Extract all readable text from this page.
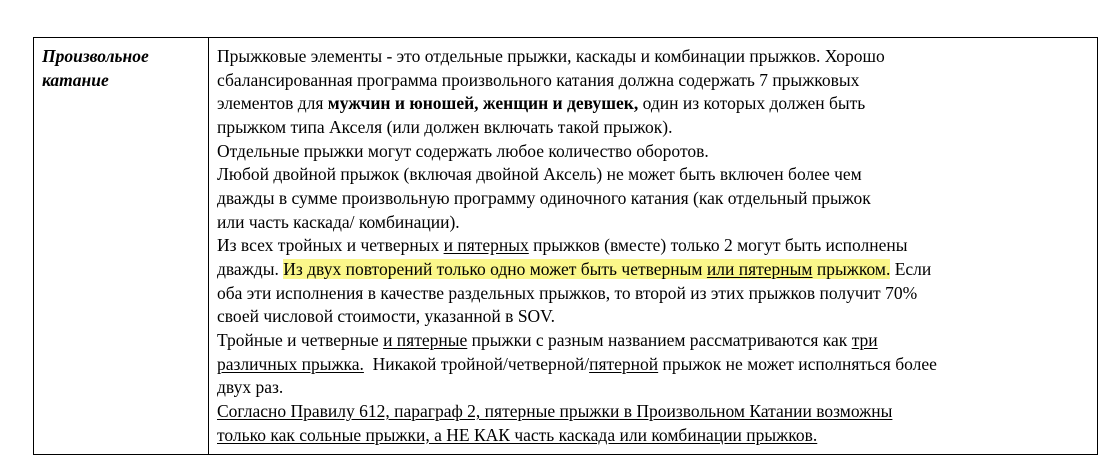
Произвольное
катание
Прыжковые элементы - это отдельные прыжки, каскады и комбинации прыжков. Хорошо
сбалансированная программа произвольного катания должна содержать 7 прыжковых
элементов для мужчин и юношей, женщин и девушек, один из которых должен быть
прыжком типа Акселя (или должен включать такой прыжок).
Отдельные прыжки могут содержать любое количество оборотов.
Любой двойной прыжок (включая двойной Аксель) не может быть включен более чем
дважды в сумме произвольную программу одиночного катания (как отдельный прыжок
или часть каскада/ комбинации).
Из всех тройных и четверных и пятерных прыжков (вместе) только 2 могут быть исполнены
дважды. Из двух повторений только одно может быть четверным или пятерным прыжком. Если
оба эти исполнения в качестве раздельных прыжков, то второй из этих прыжков получит 70%
своей числовой стоимости, указанной в SOV.
Тройные и четверные и пятерные прыжки с разным названием рассматриваются как три
различных прыжка.  Никакой тройной/четверной/пятерной прыжок не может исполняться более
двух раз.
Согласно Правилу 612, параграф 2, пятерные прыжки в Произвольном Катании возможны
только как сольные прыжки, а НЕ КАК часть каскада или комбинации прыжков.
